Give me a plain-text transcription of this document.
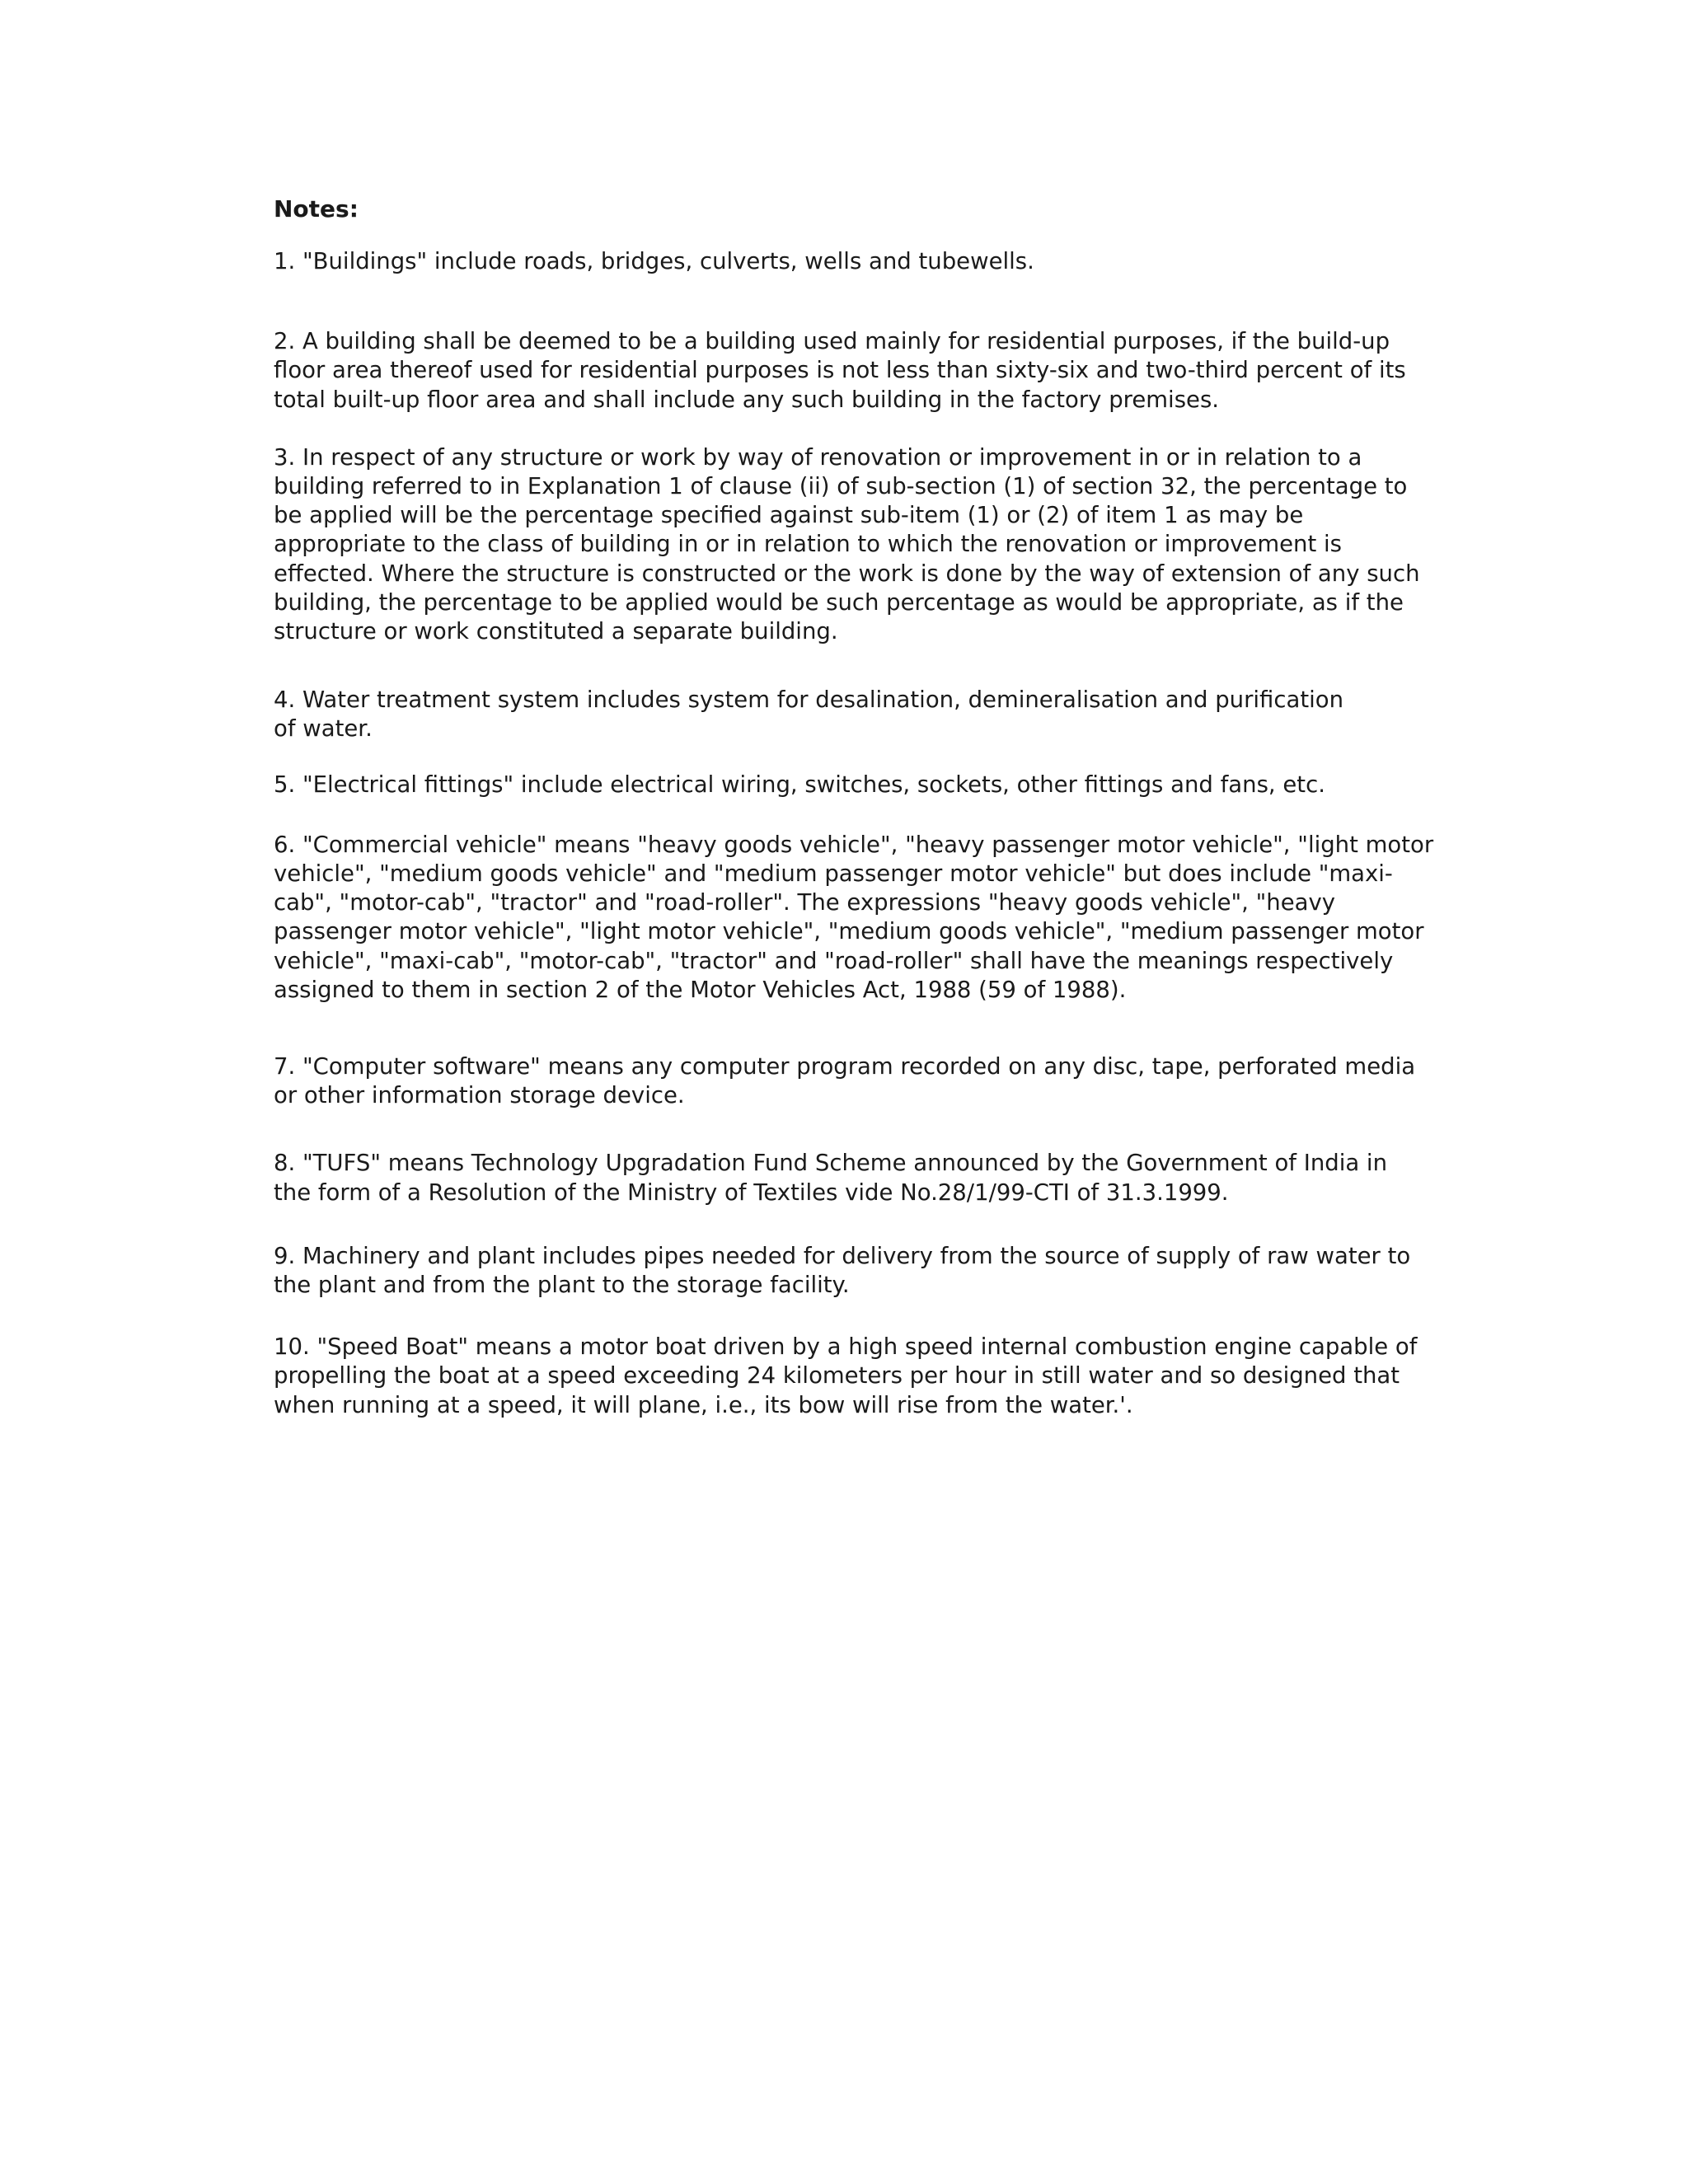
Notes:

1. "Buildings" include roads, bridges, culverts, wells and tubewells.

2. A building shall be deemed to be a building used mainly for residential purposes, if the build-up
floor area thereof used for residential purposes is not less than sixty-six and two-third percent of its
total built-up floor area and shall include any such building in the factory premises.

3. In respect of any structure or work by way of renovation or improvement in or in relation to a
building referred to in Explanation 1 of clause (ii) of sub-section (1) of section 32, the percentage to
be applied will be the percentage specified against sub-item (1) or (2) of item 1 as may be
appropriate to the class of building in or in relation to which the renovation or improvement is
effected. Where the structure is constructed or the work is done by the way of extension of any such
building, the percentage to be applied would be such percentage as would be appropriate, as if the
structure or work constituted a separate building.

4. Water treatment system includes system for desalination, demineralisation and purification
of water.

5. "Electrical fittings" include electrical wiring, switches, sockets, other fittings and fans, etc.

6. "Commercial vehicle" means "heavy goods vehicle", "heavy passenger motor vehicle", "light motor
vehicle", "medium goods vehicle" and "medium passenger motor vehicle" but does include "maxi-
cab", "motor-cab", "tractor" and "road-roller". The expressions "heavy goods vehicle", "heavy
passenger motor vehicle", "light motor vehicle", "medium goods vehicle", "medium passenger motor
vehicle", "maxi-cab", "motor-cab", "tractor" and "road-roller" shall have the meanings respectively
assigned to them in section 2 of the Motor Vehicles Act, 1988 (59 of 1988).

7. "Computer software" means any computer program recorded on any disc, tape, perforated media
or other information storage device.

8. "TUFS" means Technology Upgradation Fund Scheme announced by the Government of India in
the form of a Resolution of the Ministry of Textiles vide No.28/1/99-CTI of 31.3.1999.

9. Machinery and plant includes pipes needed for delivery from the source of supply of raw water to
the plant and from the plant to the storage facility.

10. "Speed Boat" means a motor boat driven by a high speed internal combustion engine capable of
propelling the boat at a speed exceeding 24 kilometers per hour in still water and so designed that
when running at a speed, it will plane, i.e., its bow will rise from the water.'.
